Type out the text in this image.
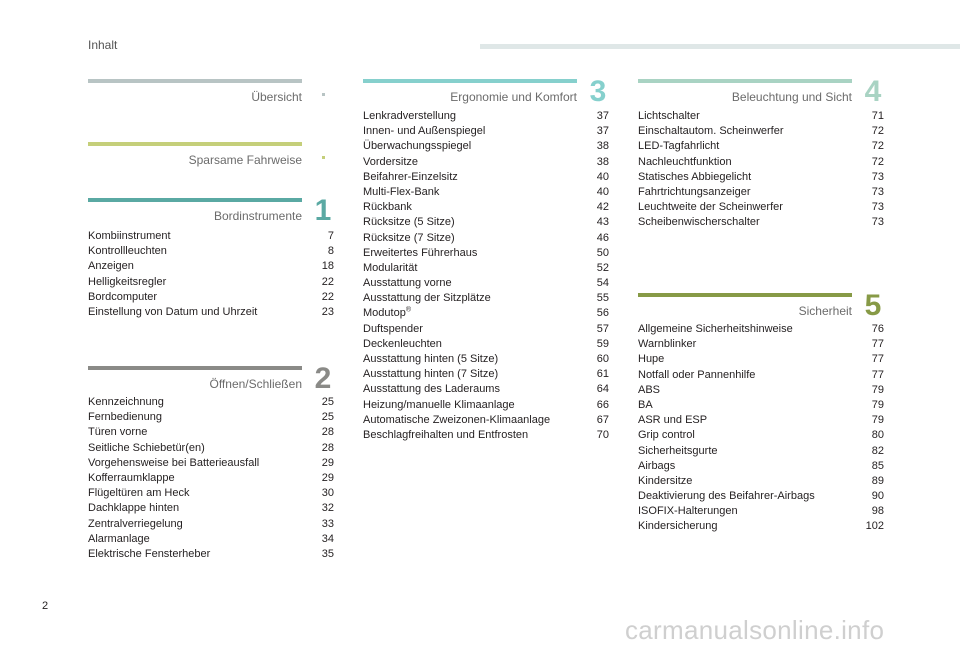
Inhalt
Übersicht
Sparsame Fahrweise
Bordinstrumente 1
Kombiinstrument	7
Kontrollleuchten	8
Anzeigen	18
Helligkeitsregler	22
Bordcomputer	22
Einstellung von Datum und Uhrzeit	23
Öffnen/Schließen 2
Kennzeichnung	25
Fernbedienung	25
Türen vorne	28
Seitliche Schiebetür(en)	28
Vorgehensweise bei Batterieausfall	29
Kofferraumklappe	29
Flügeltüren am Heck	30
Dachklappe hinten	32
Zentralverriegelung	33
Alarmanlage	34
Elektrische Fensterheber	35
Ergonomie und Komfort 3
Lenkradverstellung	37
Innen- und Außenspiegel	37
Überwachungsspiegel	38
Vordersitze	38
Beifahrer-Einzelsitz	40
Multi-Flex-Bank	40
Rückbank	42
Rücksitze (5 Sitze)	43
Rücksitze (7 Sitze)	46
Erweitertes Führerhaus	50
Modularität	52
Ausstattung vorne	54
Ausstattung der Sitzplätze	55
Modutop®	56
Duftspender	57
Deckenleuchten	59
Ausstattung hinten (5 Sitze)	60
Ausstattung hinten (7 Sitze)	61
Ausstattung des Laderaums	64
Heizung/manuelle Klimaanlage	66
Automatische Zweizonen-Klimaanlage	67
Beschlagfreihalten und Entfrosten	70
Beleuchtung und Sicht 4
Lichtschalter	71
Einschaltautom. Scheinwerfer	72
LED-Tagfahrlicht	72
Nachleuchtfunktion	72
Statisches Abbiegelicht	73
Fahrtrichtungsanzeiger	73
Leuchtweite der Scheinwerfer	73
Scheibenwischerschalter	73
Sicherheit 5
Allgemeine Sicherheitshinweise	76
Warnblinker	77
Hupe	77
Notfall oder Pannenhilfe	77
ABS	79
BA	79
ASR und ESP	79
Grip control	80
Sicherheitsgurte	82
Airbags	85
Kindersitze	89
Deaktivierung des Beifahrer-Airbags	90
ISOFIX-Halterungen	98
Kindersicherung	102
2
carmanualsonline.info
